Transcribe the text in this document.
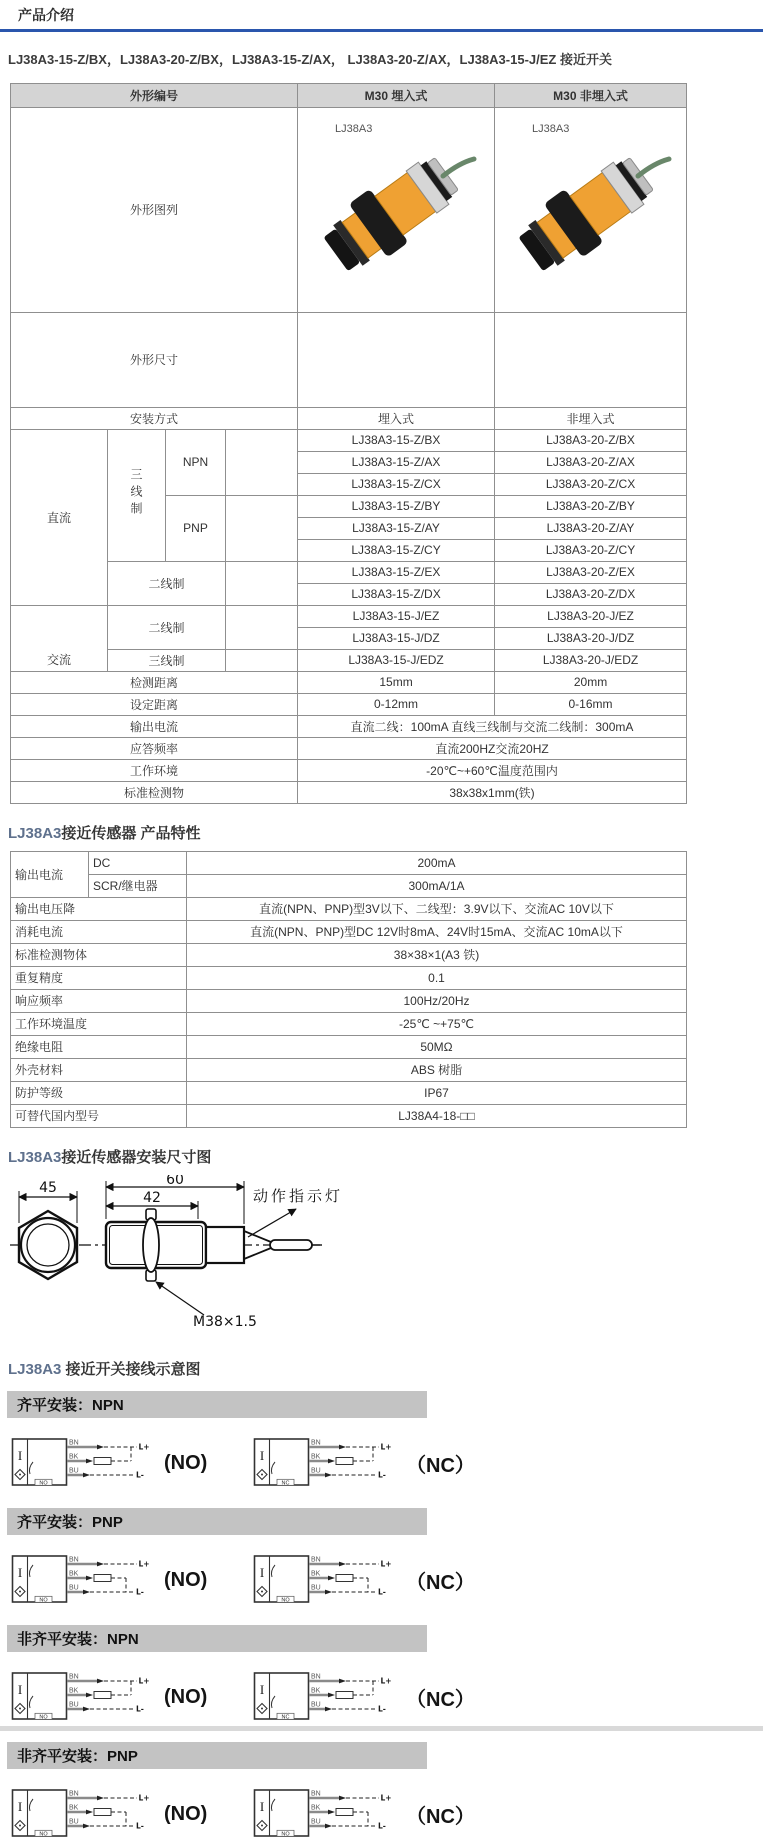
产品介绍
LJ38A3-15-Z/BX，LJ38A3-20-Z/BX，LJ38A3-15-Z/AX， LJ38A3-20-Z/AX，LJ38A3-15-J/EZ 接近开关
外形编号				M30 埋入式	M30 非埋入式
外形图列				LJ38A3	LJ38A3

外形尺寸					
安装方式				埋入式	非埋入式
直流	三线制	NPN		LJ38A3-15-Z/BX	LJ38A3-20-Z/BX
				LJ38A3-15-Z/AX	LJ38A3-20-Z/AX
				LJ38A3-15-Z/CX	LJ38A3-20-Z/CX
		PNP		LJ38A3-15-Z/BY	LJ38A3-20-Z/BY
				LJ38A3-15-Z/AY	LJ38A3-20-Z/AY
				LJ38A3-15-Z/CY	LJ38A3-20-Z/CY
	二线制			LJ38A3-15-Z/EX	LJ38A3-20-Z/EX
				LJ38A3-15-Z/DX	LJ38A3-20-Z/DX
交流	二线制			LJ38A3-15-J/EZ	LJ38A3-20-J/EZ
				LJ38A3-15-J/DZ	LJ38A3-20-J/DZ
	三线制			LJ38A3-15-J/EDZ	LJ38A3-20-J/EDZ
检测距离				15mm	20mm
设定距离				0-12mm	0-16mm
输出电流				直流二线：100mA 直线三线制与交流二线制：300mA	
应答频率				直流200HZ交流20HZ	
工作环境				-20℃~+60℃温度范围内	
标准检测物				38x38x1mm(铁)	
LJ38A3接近传感器 产品特性
输出电流	DC	200mA
	SCR/继电器	300mA/1A
输出电压降		直流(NPN、PNP)型3V以下、二线型：3.9V以下、交流AC 10V以下
消耗电流		直流(NPN、PNP)型DC 12V时8mA、24V时15mA、交流AC 10mA以下
标准检测物体		38×38×1(A3 铁)
重复精度		0.1
响应频率		100Hz/20Hz
工作环境温度		-25℃ ~+75℃
绝缘电阻		50MΩ
外壳材料		ABS 树脂
防护等级		IP67
可替代国内型号		LJ38A4-18-□□
LJ38A3接近传感器安装尺寸图
45	60
42	动作指示灯
M38×1.5
LJ38A3 接近开关接线示意图
齐平安装：NPN
I
BN
BK
BU
L+
L-
NO
(NO)	I
BN
BK
BU
L+
L-
NC
（NC）
齐平安装：PNP
I
BN
BK
BU
L+
L-
NO
(NO)	I
BN
BK
BU
L+
L-
NO
（NC）
非齐平安装：NPN
I
BN
BK
BU
L+
L-
NO
(NO)	I
BN
BK
BU
L+
L-
NC
（NC）
非齐平安装：PNP
I
BN
BK
BU
L+
L-
NO
(NO)	I
BN
BK
BU
L+
L-
NO
（NC）
